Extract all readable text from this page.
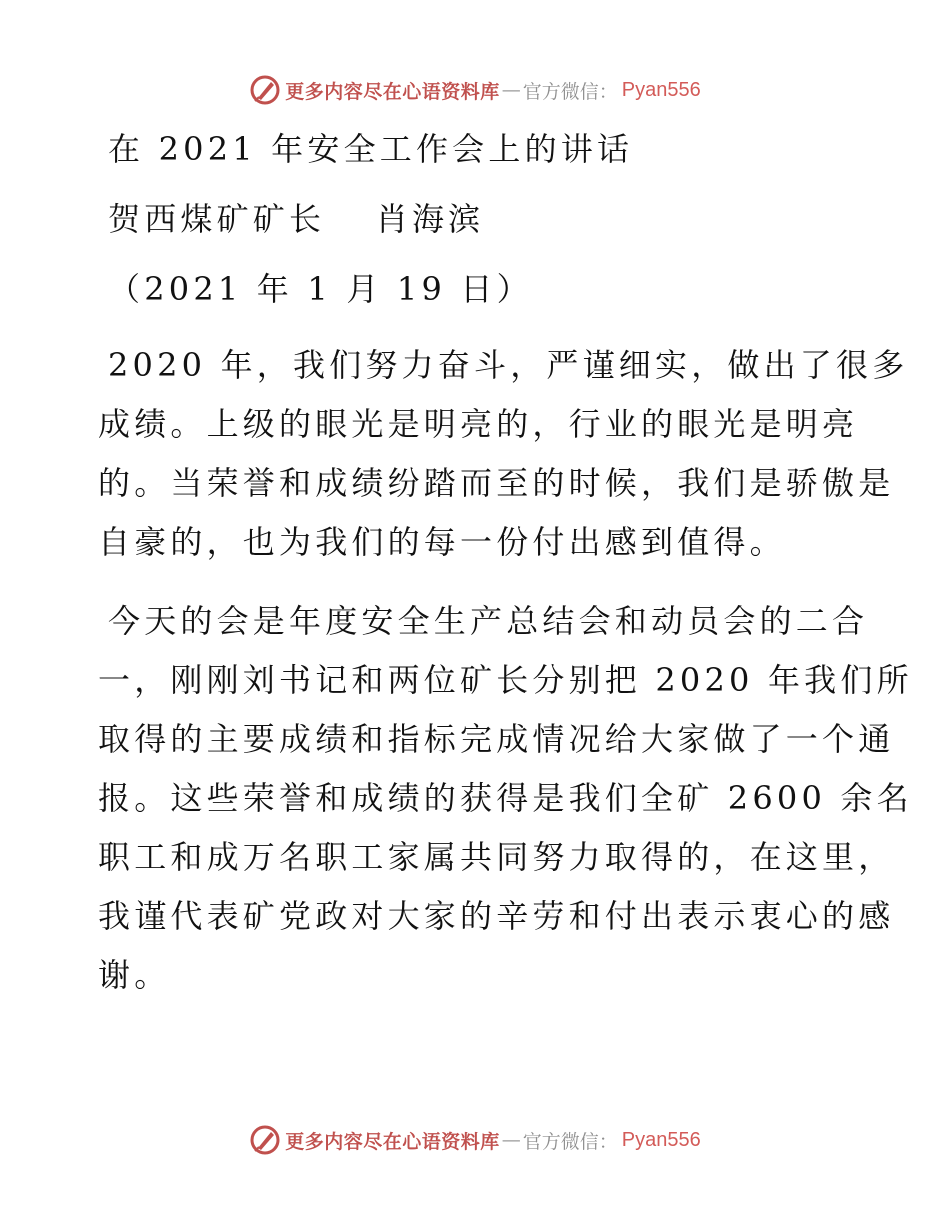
更多内容尽在心语资料库 — 官方微信： Pyan556
在 2021 年安全工作会上的讲话
贺西煤矿矿长　 肖海滨
（2021 年 1 月 19 日）
2020 年，我们努力奋斗，严谨细实，做出了很多
成绩。上级的眼光是明亮的，行业的眼光是明亮
的。当荣誉和成绩纷踏而至的时候，我们是骄傲是
自豪的，也为我们的每一份付出感到值得。
今天的会是年度安全生产总结会和动员会的二合
一，刚刚刘书记和两位矿长分别把 2020 年我们所
取得的主要成绩和指标完成情况给大家做了一个通
报。这些荣誉和成绩的获得是我们全矿 2600 余名
职工和成万名职工家属共同努力取得的，在这里，
我谨代表矿党政对大家的辛劳和付出表示衷心的感
谢。
更多内容尽在心语资料库 — 官方微信： Pyan556
